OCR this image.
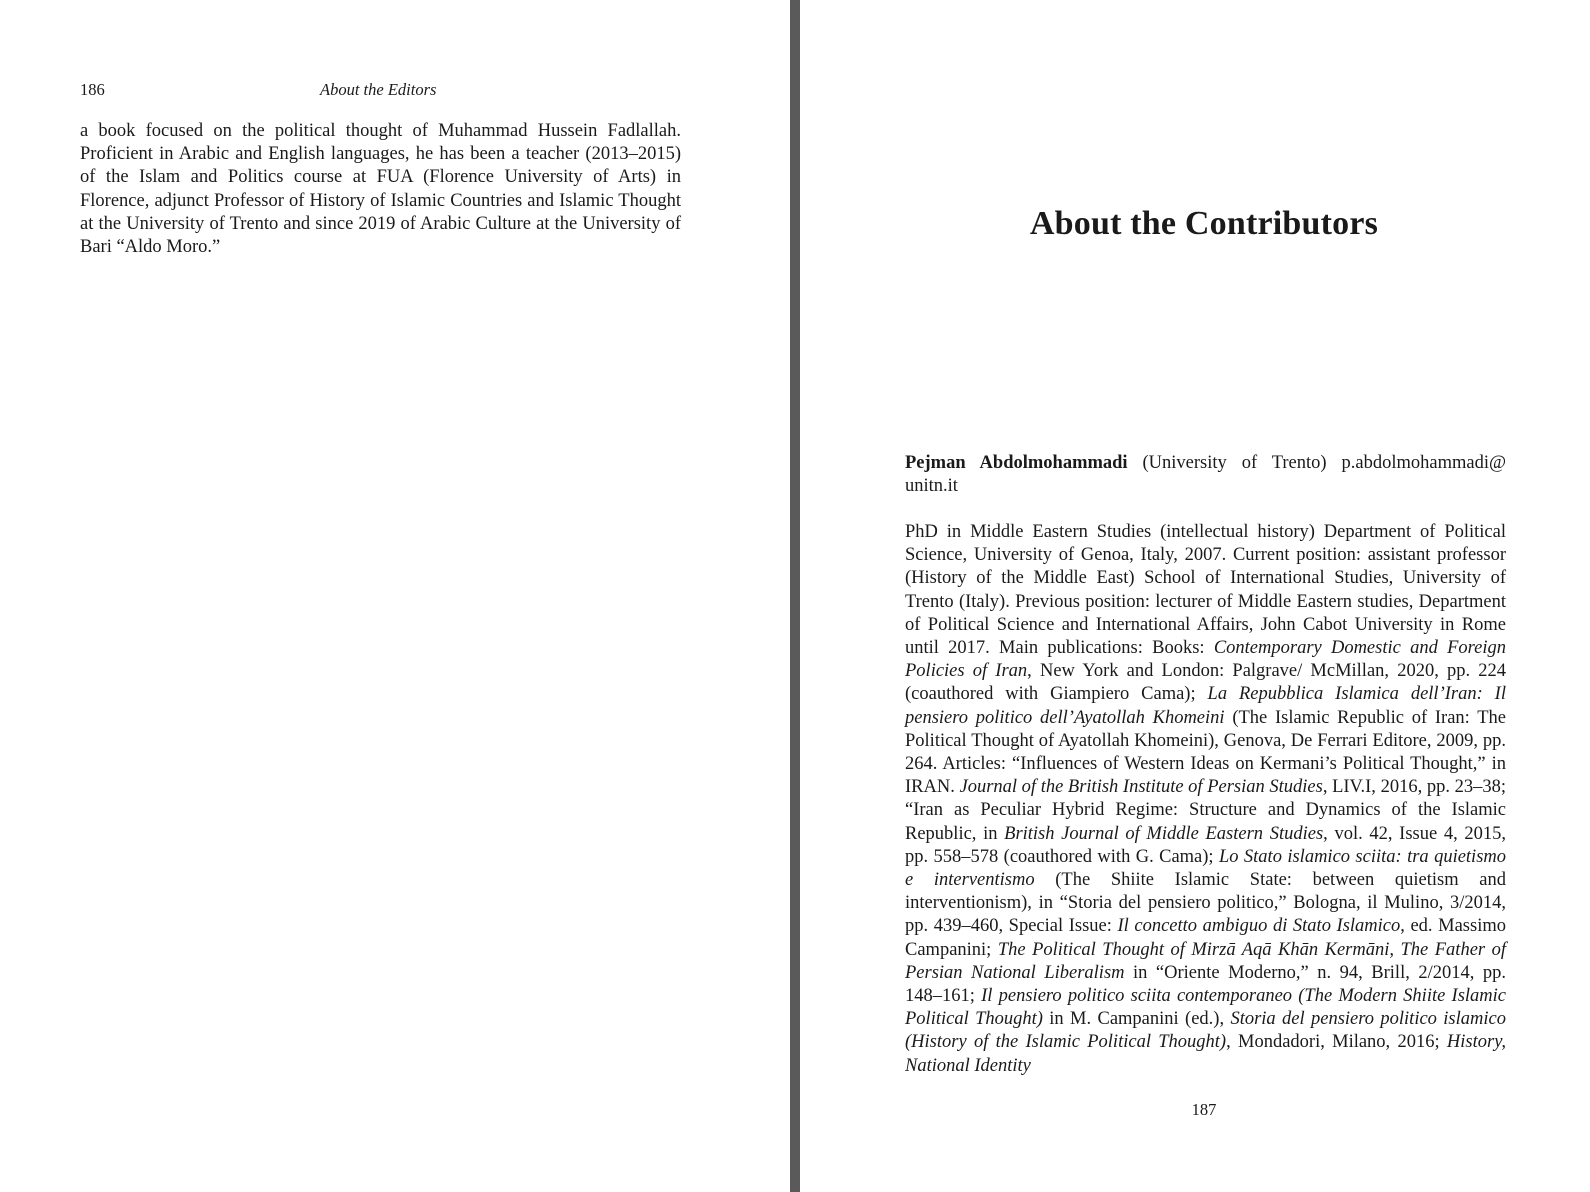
186	About the Editors

a book focused on the political thought of Muhammad Hussein Fadlallah. Proficient in Arabic and English languages, he has been a teacher (2013–2015) of the Islam and Politics course at FUA (Florence University of Arts) in Florence, adjunct Professor of History of Islamic Countries and Islamic Thought at the University of Trento and since 2019 of Arabic Culture at the University of Bari “Aldo Moro.”

About the Contributors

Pejman Abdolmohammadi (University of Trento) p.abdolmohammadi@ unitn.it

PhD in Middle Eastern Studies (intellectual history) Department of Political Science, University of Genoa, Italy, 2007. Current position: assistant professor (History of the Middle East) School of International Studies, University of Trento (Italy). Previous position: lecturer of Middle Eastern studies, Department of Political Science and International Affairs, John Cabot University in Rome until 2017. Main publications: Books: Contemporary Domestic and Foreign Policies of Iran, New York and London: Palgrave/ McMillan, 2020, pp. 224 (coauthored with Giampiero Cama); La Repubblica Islamica dell’Iran: Il pensiero politico dell’Ayatollah Khomeini (The Islamic Republic of Iran: The Political Thought of Ayatollah Khomeini), Genova, De Ferrari Editore, 2009, pp. 264. Articles: “Influences of Western Ideas on Kermani’s Political Thought,” in IRAN. Journal of the British Institute of Persian Studies, LIV.I, 2016, pp. 23–38; “Iran as Peculiar Hybrid Regime: Structure and Dynamics of the Islamic Republic, in British Journal of Middle Eastern Studies, vol. 42, Issue 4, 2015, pp. 558–578 (coauthored with G. Cama); Lo Stato islamico sciita: tra quietismo e interventismo (The Shiite Islamic State: between quietism and interventionism), in “Storia del pensiero politico,” Bologna, il Mulino, 3/2014, pp. 439–460, Special Issue: Il concetto ambiguo di Stato Islamico, ed. Massimo Campanini; The Political Thought of Mirzā Aqā Khān Kermāni, The Father of Persian National Liberalism in “Oriente Moderno,” n. 94, Brill, 2/2014, pp. 148–161; Il pensiero politico sciita contemporaneo (The Modern Shiite Islamic Political Thought) in M. Campanini (ed.), Storia del pensiero politico islamico (History of the Islamic Political Thought), Mondadori, Milano, 2016; History, National Identity

187
